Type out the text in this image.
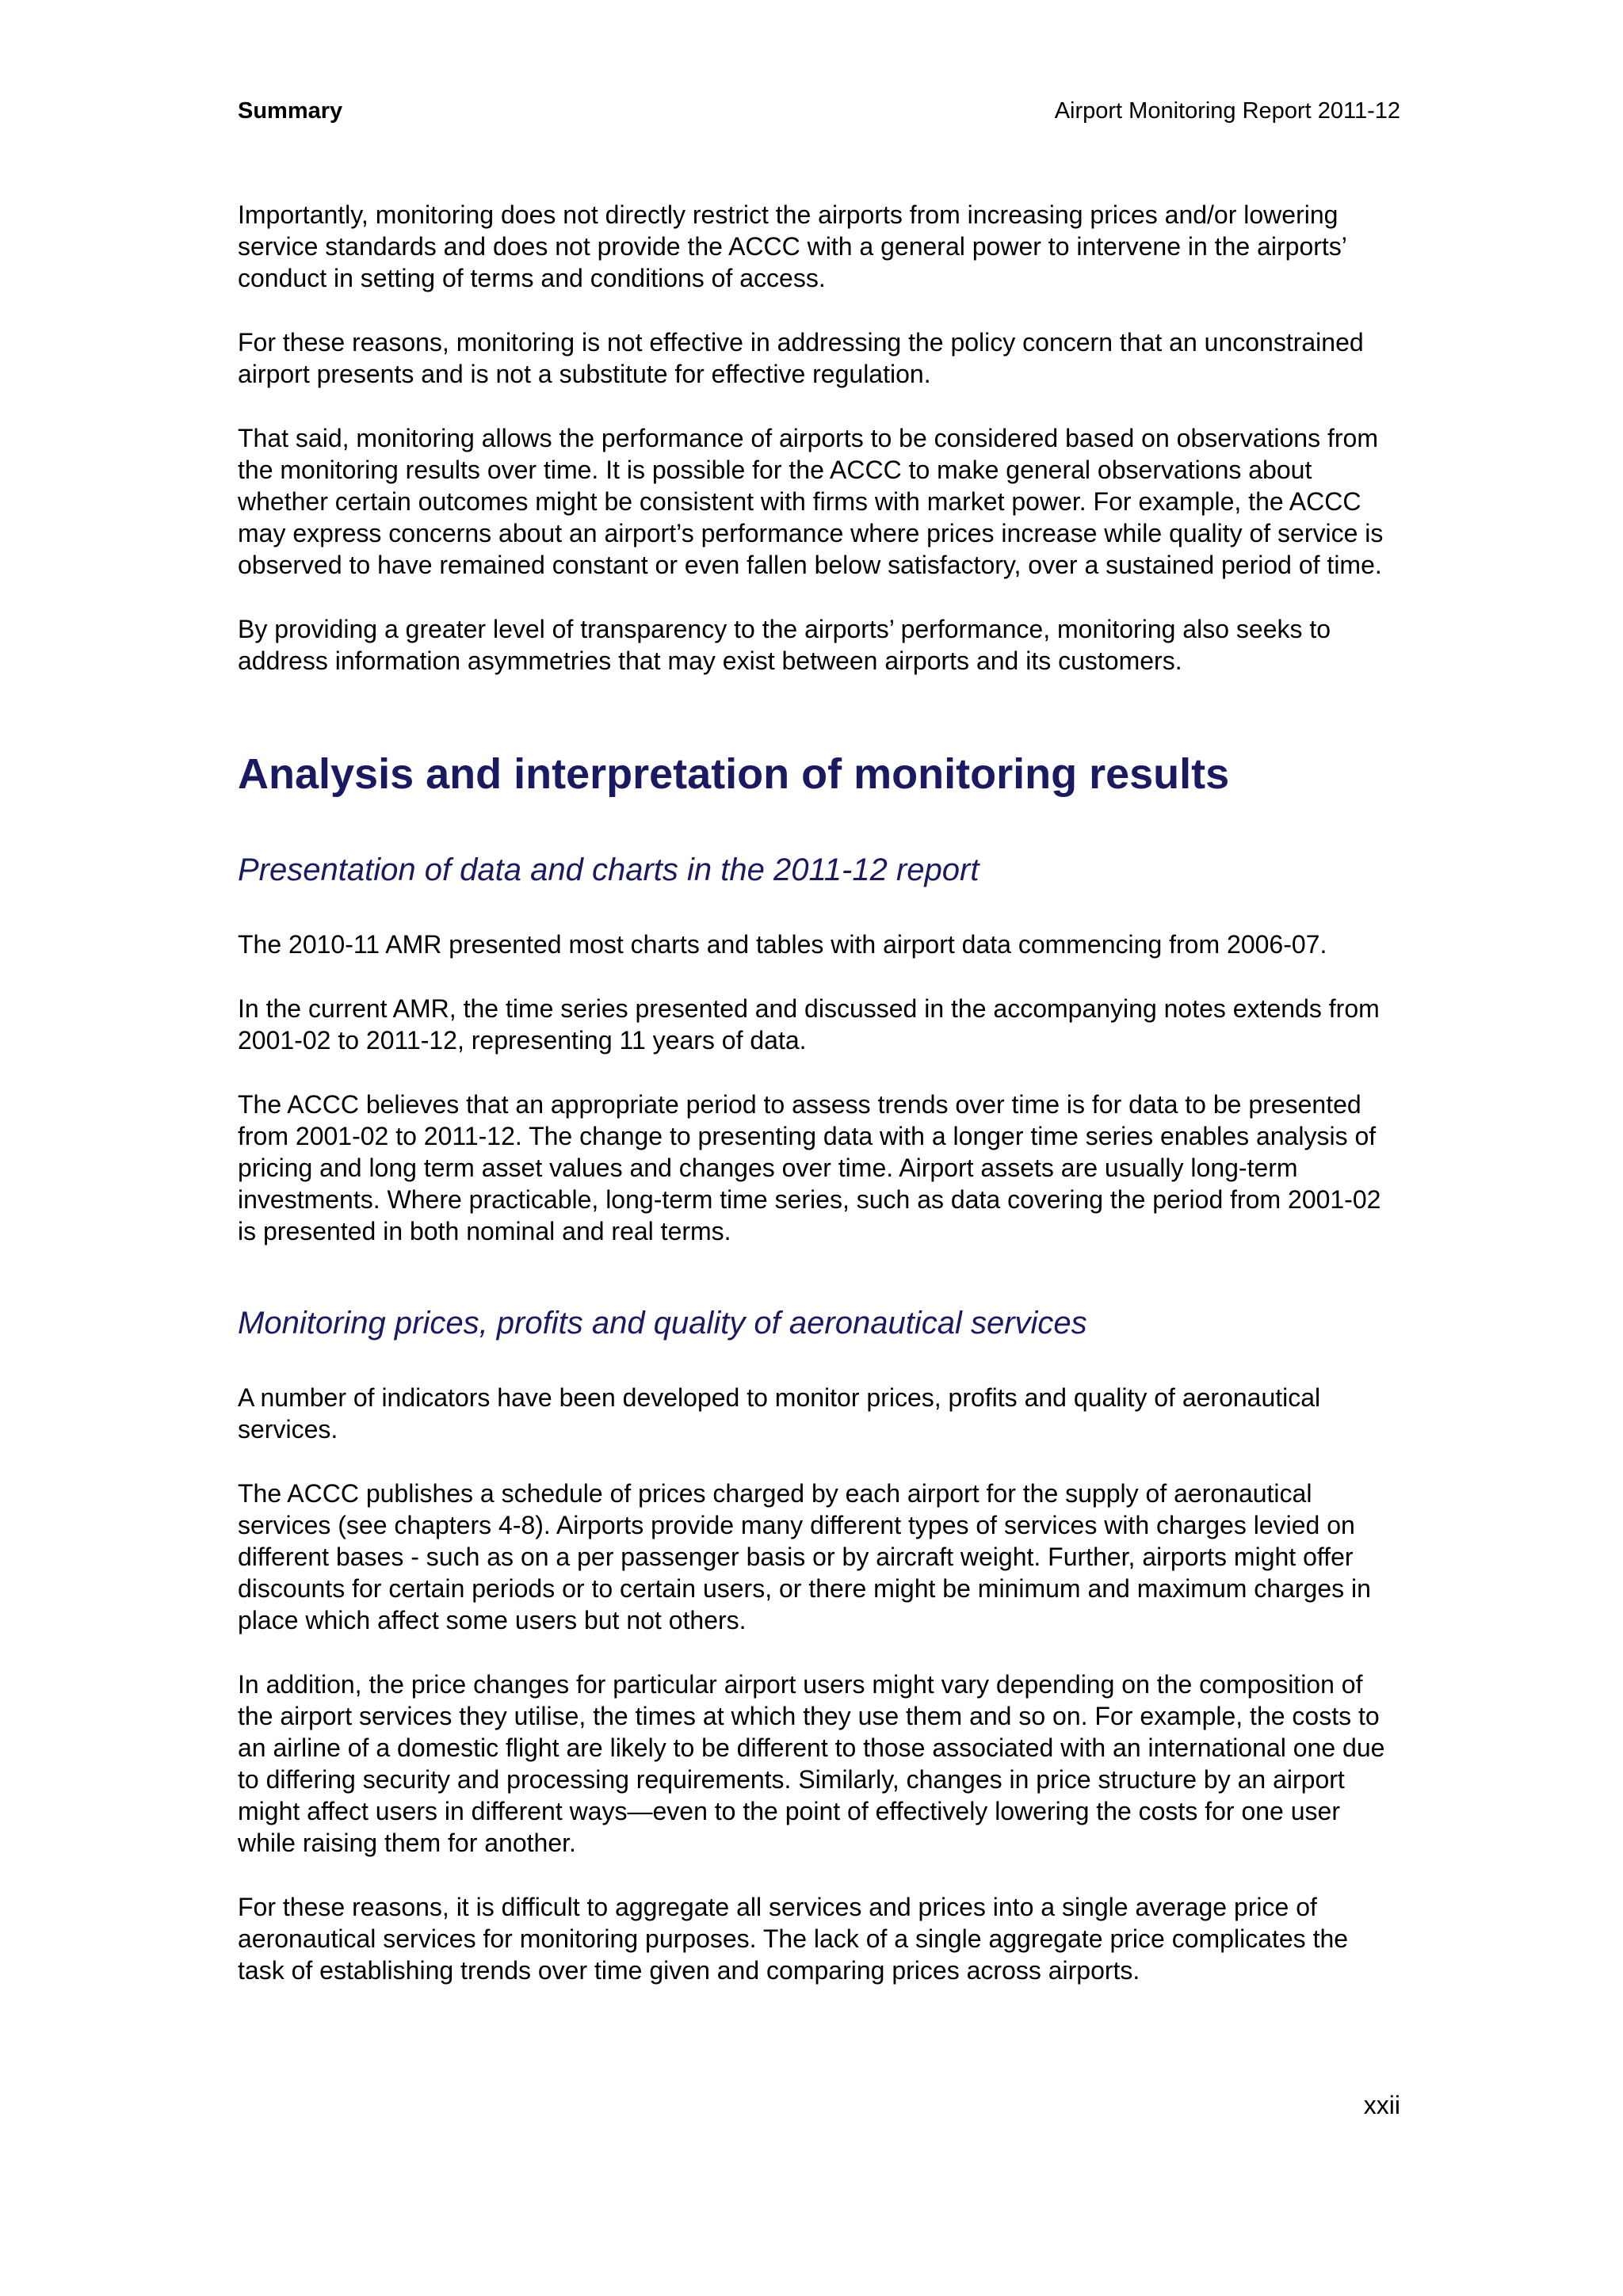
Summary	Airport Monitoring Report 2011-12

Importantly, monitoring does not directly restrict the airports from increasing prices and/or lowering service standards and does not provide the ACCC with a general power to intervene in the airports’ conduct in setting of terms and conditions of access.

For these reasons, monitoring is not effective in addressing the policy concern that an unconstrained airport presents and is not a substitute for effective regulation.

That said, monitoring allows the performance of airports to be considered based on observations from the monitoring results over time. It is possible for the ACCC to make general observations about whether certain outcomes might be consistent with firms with market power. For example, the ACCC may express concerns about an airport’s performance where prices increase while quality of service is observed to have remained constant or even fallen below satisfactory, over a sustained period of time.

By providing a greater level of transparency to the airports’ performance, monitoring also seeks to address information asymmetries that may exist between airports and its customers.

Analysis and interpretation of monitoring results
Presentation of data and charts in the 2011-12 report

The 2010-11 AMR presented most charts and tables with airport data commencing from 2006-07.

In the current AMR, the time series presented and discussed in the accompanying notes extends from 2001-02 to 2011-12, representing 11 years of data.

The ACCC believes that an appropriate period to assess trends over time is for data to be presented from 2001-02 to 2011-12. The change to presenting data with a longer time series enables analysis of pricing and long term asset values and changes over time. Airport assets are usually long-term investments. Where practicable, long-term time series, such as data covering the period from 2001-02 is presented in both nominal and real terms.

Monitoring prices, profits and quality of aeronautical services

A number of indicators have been developed to monitor prices, profits and quality of aeronautical services.

The ACCC publishes a schedule of prices charged by each airport for the supply of aeronautical services (see chapters 4-8). Airports provide many different types of services with charges levied on different bases - such as on a per passenger basis or by aircraft weight. Further, airports might offer discounts for certain periods or to certain users, or there might be minimum and maximum charges in place which affect some users but not others.

In addition, the price changes for particular airport users might vary depending on the composition of the airport services they utilise, the times at which they use them and so on. For example, the costs to an airline of a domestic flight are likely to be different to those associated with an international one due to differing security and processing requirements. Similarly, changes in price structure by an airport might affect users in different ways—even to the point of effectively lowering the costs for one user while raising them for another.

For these reasons, it is difficult to aggregate all services and prices into a single average price of aeronautical services for monitoring purposes. The lack of a single aggregate price complicates the task of establishing trends over time given and comparing prices across airports.

xxii
